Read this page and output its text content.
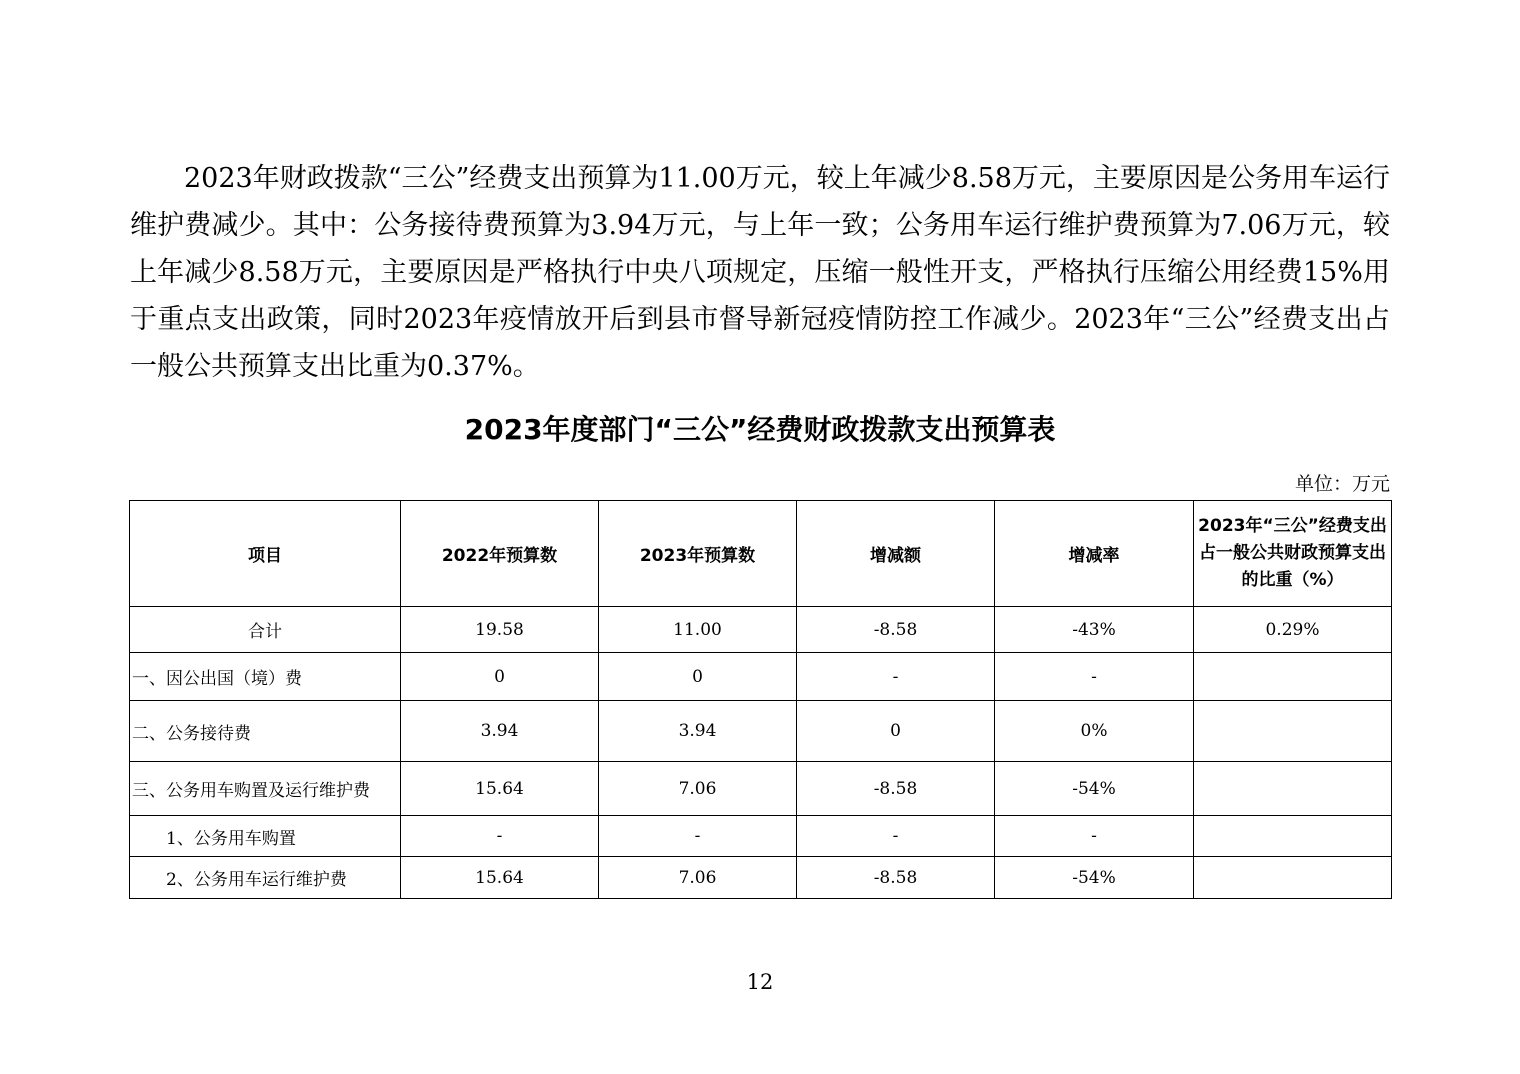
2023年财政拨款“三公”经费支出预算为11.00万元，较上年减少8.58万元，主要原因是公务用车运行维护费减少。其中：公务接待费预算为3.94万元，与上年一致；公务用车运行维护费预算为7.06万元，较上年减少8.58万元，主要原因是严格执行中央八项规定，压缩一般性开支，严格执行压缩公用经费15%用于重点支出政策，同时2023年疫情放开后到县市督导新冠疫情防控工作减少。2023年“三公”经费支出占一般公共预算支出比重为0.37%。

2023年度部门“三公”经费财政拨款支出预算表
单位：万元
项目	2022年预算数	2023年预算数	增减额	增减率	2023年“三公”经费支出占一般公共财政预算支出的比重（%）
合计	19.58	11.00	-8.58	-43%	0.29%
一、因公出国（境）费	0	0	-	-	
二、公务接待费	3.94	3.94	0	0%	
三、公务用车购置及运行维护费	15.64	7.06	-8.58	-54%	
1、公务用车购置	-	-	-	-	
2、公务用车运行维护费	15.64	7.06	-8.58	-54%	
12
